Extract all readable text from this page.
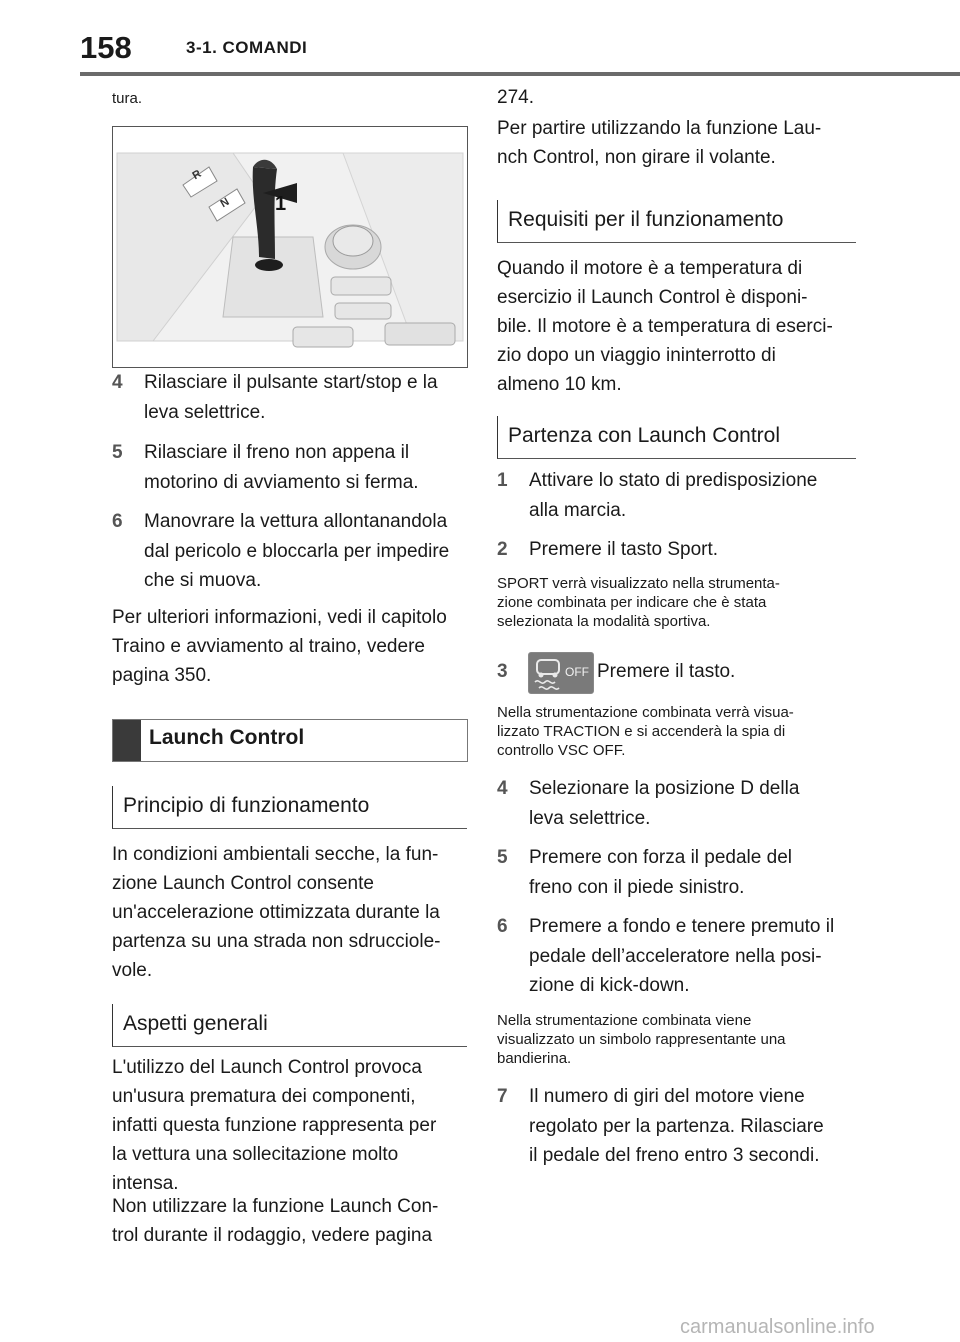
158	3-1. COMANDI
tura.
R
N 1
4 Rilasciare il pulsante start/stop e la
leva selettrice.
5 Rilasciare il freno non appena il
motorino di avviamento si ferma.
6 Manovrare la vettura allontanandola
dal pericolo e bloccarla per impedire
che si muova.
Per ulteriori informazioni, vedi il capitolo
Traino e avviamento al traino, vedere
pagina 350.
Launch Control
Principio di funzionamento
In condizioni ambientali secche, la fun-
zione Launch Control consente
un'accelerazione ottimizzata durante la
partenza su una strada non sdrucciole-
vole.
Aspetti generali
L'utilizzo del Launch Control provoca
un'usura prematura dei componenti,
infatti questa funzione rappresenta per
la vettura una sollecitazione molto
intensa.
Non utilizzare la funzione Launch Con-
trol durante il rodaggio, vedere pagina
274.
Per partire utilizzando la funzione Lau-
nch Control, non girare il volante.
Requisiti per il funzionamento
Quando il motore è a temperatura di
esercizio il Launch Control è disponi-
bile. Il motore è a temperatura di eserci-
zio dopo un viaggio ininterrotto di
almeno 10 km.
Partenza con Launch Control
1 Attivare lo stato di predisposizione
alla marcia.
2 Premere il tasto Sport.
SPORT verrà visualizzato nella strumenta-
zione combinata per indicare che è stata
selezionata la modalità sportiva.
3	Premere il tasto.
OFF
Nella strumentazione combinata verrà visua-
lizzato TRACTION e si accenderà la spia di
controllo VSC OFF.
4 Selezionare la posizione D della
leva selettrice.
5 Premere con forza il pedale del
freno con il piede sinistro.
6 Premere a fondo e tenere premuto il
pedale dell’acceleratore nella posi-
zione di kick-down.
Nella strumentazione combinata viene
visualizzato un simbolo rappresentante una
bandierina.
7 Il numero di giri del motore viene
regolato per la partenza. Rilasciare
il pedale del freno entro 3 secondi.
carmanualsonline.info
